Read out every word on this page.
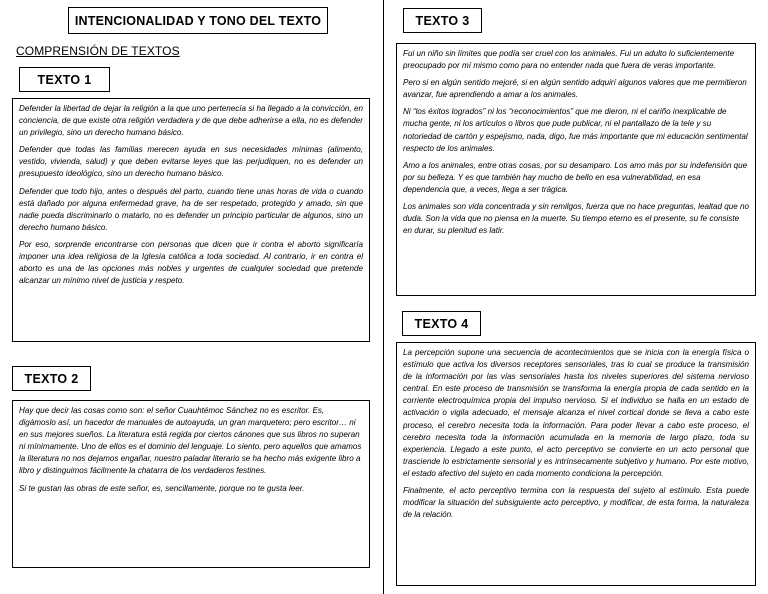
INTENCIONALIDAD Y TONO DEL TEXTO
COMPRENSIÓN DE TEXTOS
TEXTO 1

Defender la libertad de dejar la religión a la que uno pertenecía si ha llegado a la convicción, en conciencia, de que existe otra religión verdadera y de que debe adherirse a ella, no es defender un privilegio, sino un derecho humano básico.

Defender que todas las familias merecen ayuda en sus necesidades mínimas (alimento, vestido, vivienda, salud) y que deben evitarse leyes que las perjudiquen, no es defender un presupuesto ideológico, sino un derecho humano básico.

Defender que todo hijo, antes o después del parto, cuando tiene unas horas de vida o cuando está dañado por alguna enfermedad grave, ha de ser respetado, protegido y amado, sin que nadie pueda discriminarlo o matarlo, no es defender un principio particular de algunos, sino un derecho humano básico.

Por eso, sorprende encontrarse con personas que dicen que ir contra el aborto significaría imponer una idea religiosa de la Iglesia católica a toda sociedad. Al contrario, ir en contra el aborto es una de las opciones más nobles y urgentes de cualquier sociedad que pretende alcanzar un mínimo nivel de justicia y respeto.

TEXTO 2

Hay que decir las cosas como son: el señor Cuauhtémoc Sánchez no es escritor. Es, digámoslo así, un hacedor de manuales de autoayuda, un gran marquetero; pero escritor… ni en sus mejores sueños. La literatura está regida por ciertos cánones que sus libros no superan ni mínimamente. Uno de ellos es el dominio del lenguaje. Lo siento, pero aquellos que amamos la literatura no nos dejamos engañar, nuestro paladar literario se ha hecho más exigente libro a libro y distinguimos fácilmente la chatarra de los verdaderos festines.

Si te gustan las obras de este señor, es, sencillamente, porque no te gusta leer.

TEXTO 3

Fui un niño sin límites que podía ser cruel con los animales. Fui un adulto lo suficientemente preocupado por mí mismo como para no entender nada que fuera de veras importante.

Pero si en algún sentido mejoré, si en algún sentido adquirí algunos valores que me permitieron avanzar, fue aprendiendo a amar a los animales.

Ni “los éxitos logrados” ni los “reconocimientos” que me dieron, ni el cariño inexplicable de mucha gente, ni los artículos o libros que pude publicar, ni el pantallazo de la tele y su notoriedad de cartón y espejismo, nada, digo, fue más importante que mi educación sentimental respecto de los animales.

Amo a los animales, entre otras cosas, por su desamparo. Los amo más por su indefensión que por su belleza. Y es que también hay mucho de bello en esa vulnerabilidad, en esa dependencia que, a veces, llega a ser trágica.

Los animales son vida concentrada y sin remilgos, fuerza que no hace preguntas, lealtad que no duda. Son la vida que no piensa en la muerte. Su tiempo eterno es el presente, su fe consiste en durar, su plenitud es latir.

TEXTO 4

La percepción supone una secuencia de acontecimientos que se inicia con la energía física o estímulo que activa los diversos receptores sensoriales, tras lo cual se produce la transmisión de la información por las vías sensoriales hasta los niveles superiores del sistema nervioso central. En este proceso de transmisión se transforma la energía propia de cada sentido en la corriente electroquímica propia del impulso nervioso. Si el individuo se halla en un estado de activación o vigila adecuado, el mensaje alcanza el nivel cortical donde se lleva a cabo este proceso, el cerebro necesita toda la información. Para poder llevar a cabo este proceso, el cerebro necesita toda la información acumulada en la memoria de largo plazo, toda su experiencia. Llegado a este punto, el acto perceptivo se convierte en un acto personal que trasciende lo estrictamente sensorial y es intrínsecamente subjetivo y humano. Por este motivo, el estado afectivo del sujeto en cada momento condiciona la percepción.

Finalmente, el acto perceptivo termina con la respuesta del sujeto al estímulo. Esta puede modificar la situación del subsiguiente acto perceptivo, y modificar, de esta forma, la naturaleza de la relación.
